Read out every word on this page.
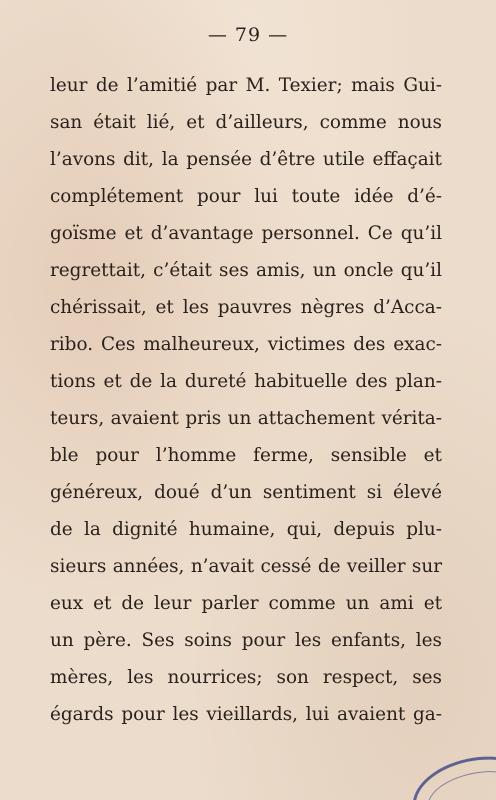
— 79 —
leur de l’amitié par M. Texier; mais Gui-
san était lié, et d’ailleurs, comme nous
l’avons dit, la pensée d’être utile effaçait
complétement pour lui toute idée d’é-
goïsme et d’avantage personnel. Ce qu’il
regrettait, c’était ses amis, un oncle qu’il
chérissait, et les pauvres nègres d’Acca-
ribo. Ces malheureux, victimes des exac-
tions et de la dureté habituelle des plan-
teurs, avaient pris un attachement vérita-
ble pour l’homme ferme, sensible et
généreux, doué d’un sentiment si élevé
de la dignité humaine, qui, depuis plu-
sieurs années, n’avait cessé de veiller sur
eux et de leur parler comme un ami et
un père. Ses soins pour les enfants, les
mères, les nourrices; son respect, ses
égards pour les vieillards, lui avaient ga-
